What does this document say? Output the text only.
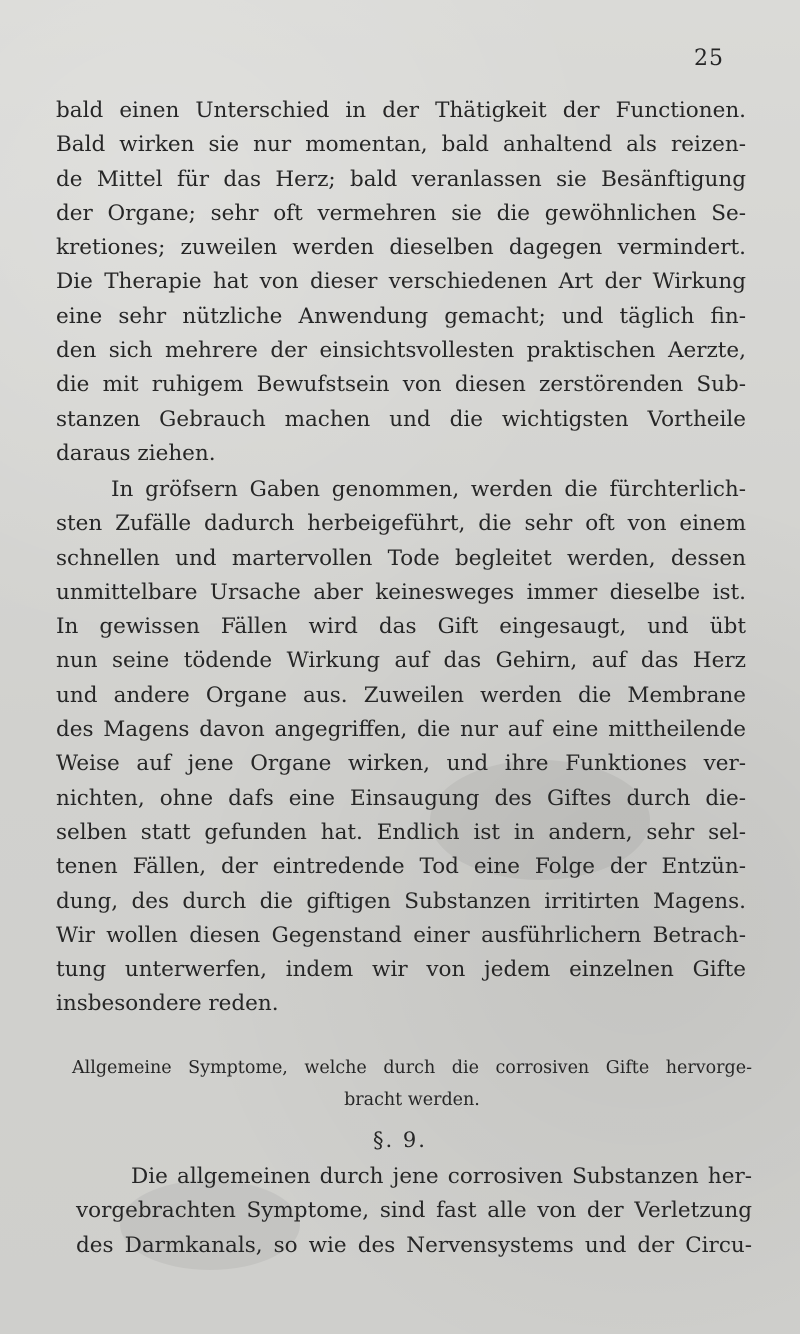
25
bald einen Unterschied in der Thätigkeit der Functionen.
Bald wirken sie nur momentan, bald anhaltend als reizen-
de Mittel für das Herz; bald veranlassen sie Besänftigung
der Organe; sehr oft vermehren sie die gewöhnlichen Se-
kretiones; zuweilen werden dieselben dagegen vermindert.
Die Therapie hat von dieser verschiedenen Art der Wirkung
eine sehr nützliche Anwendung gemacht; und täglich fin-
den sich mehrere der einsichtsvollesten praktischen Aerzte,
die mit ruhigem Bewufstsein von diesen zerstörenden Sub-
stanzen Gebrauch machen und die wichtigsten Vortheile
daraus ziehen.
In gröfsern Gaben genommen, werden die fürchterlich-
sten Zufälle dadurch herbeigeführt, die sehr oft von einem
schnellen und martervollen Tode begleitet werden, dessen
unmittelbare Ursache aber keinesweges immer dieselbe ist.
In gewissen Fällen wird das Gift eingesaugt, und übt
nun seine tödende Wirkung auf das Gehirn, auf das Herz
und andere Organe aus. Zuweilen werden die Membrane
des Magens davon angegriffen, die nur auf eine mittheilende
Weise auf jene Organe wirken, und ihre Funktiones ver-
nichten, ohne dafs eine Einsaugung des Giftes durch die-
selben statt gefunden hat. Endlich ist in andern, sehr sel-
tenen Fällen, der eintredende Tod eine Folge der Entzün-
dung, des durch die giftigen Substanzen irritirten Magens.
Wir wollen diesen Gegenstand einer ausführlichern Betrach-
tung unterwerfen, indem wir von jedem einzelnen Gifte
insbesondere reden.
Allgemeine Symptome, welche durch die corrosiven Gifte hervorge-
bracht werden.
§. 9.
Die allgemeinen durch jene corrosiven Substanzen her-
vorgebrachten Symptome, sind fast alle von der Verletzung
des Darmkanals, so wie des Nervensystems und der Circu-
